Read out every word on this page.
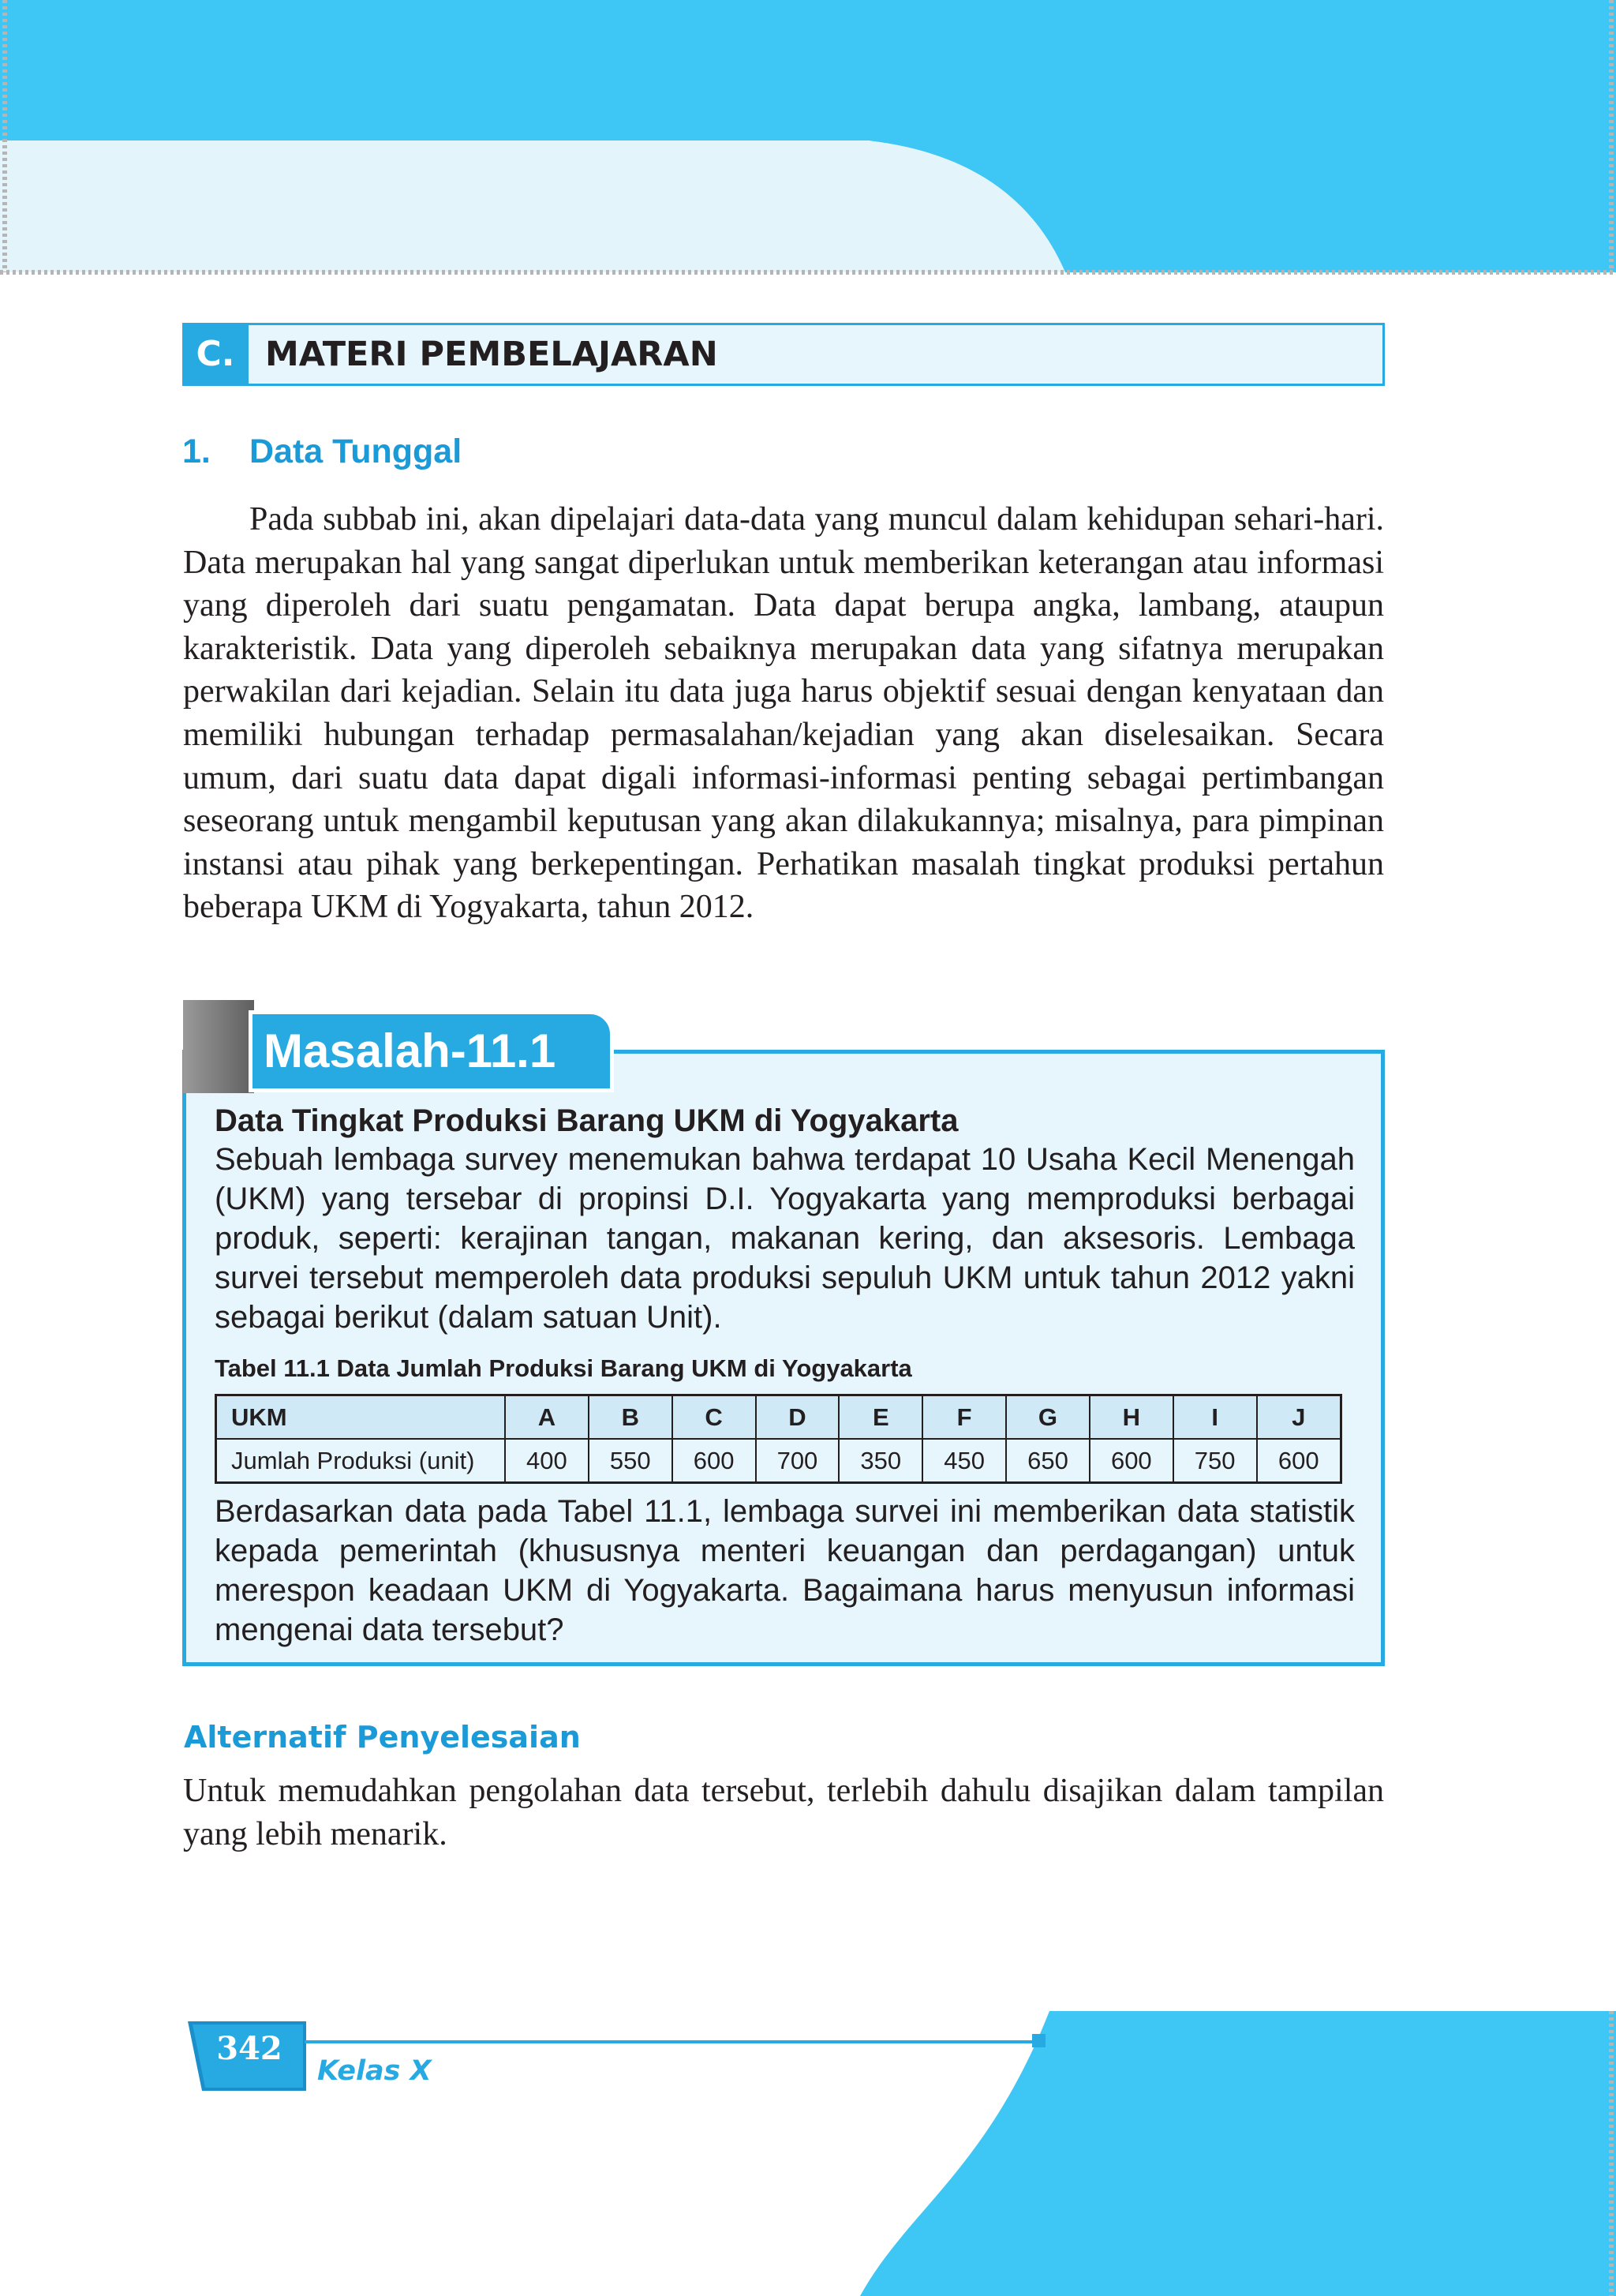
C. MATERI PEMBELAJARAN
1. Data Tunggal
Pada subbab ini, akan dipelajari data-data yang muncul dalam kehidupan sehari-hari. Data merupakan hal yang sangat diperlukan untuk memberikan keterangan atau informasi yang diperoleh dari suatu pengamatan. Data dapat berupa angka, lambang, ataupun karakteristik. Data yang diperoleh sebaiknya merupakan data yang sifatnya merupakan perwakilan dari kejadian. Selain itu data juga harus objektif sesuai dengan kenyataan dan memiliki hubungan terhadap permasalahan/kejadian yang akan diselesaikan. Secara umum, dari suatu data dapat digali informasi-informasi penting sebagai pertimbangan seseorang untuk mengambil keputusan yang akan dilakukannya; misalnya, para pimpinan instansi atau pihak yang berkepentingan. Perhatikan masalah tingkat produksi pertahun beberapa UKM di Yogyakarta, tahun 2012.
Masalah-11.1
Data Tingkat Produksi Barang UKM di Yogyakarta
Sebuah lembaga survey menemukan bahwa terdapat 10 Usaha Kecil Menengah (UKM) yang tersebar di propinsi D.I. Yogyakarta yang memproduksi berbagai produk, seperti: kerajinan tangan, makanan kering, dan aksesoris. Lembaga survei tersebut memperoleh data produksi sepuluh UKM untuk tahun 2012 yakni sebagai berikut (dalam satuan Unit).
Tabel 11.1 Data Jumlah Produksi Barang UKM di Yogyakarta
UKM	A	B	C	D	E	F	G	H	I	J
Jumlah Produksi (unit)	400	550	600	700	350	450	650	600	750	600
Berdasarkan data pada Tabel 11.1, lembaga survei ini memberikan data statistik kepada pemerintah (khususnya menteri keuangan dan perdagangan) untuk merespon keadaan UKM di Yogyakarta. Bagaimana harus menyusun informasi mengenai data tersebut?
Alternatif Penyelesaian
Untuk memudahkan pengolahan data tersebut, terlebih dahulu disajikan dalam tampilan yang lebih menarik.
342
Kelas X
